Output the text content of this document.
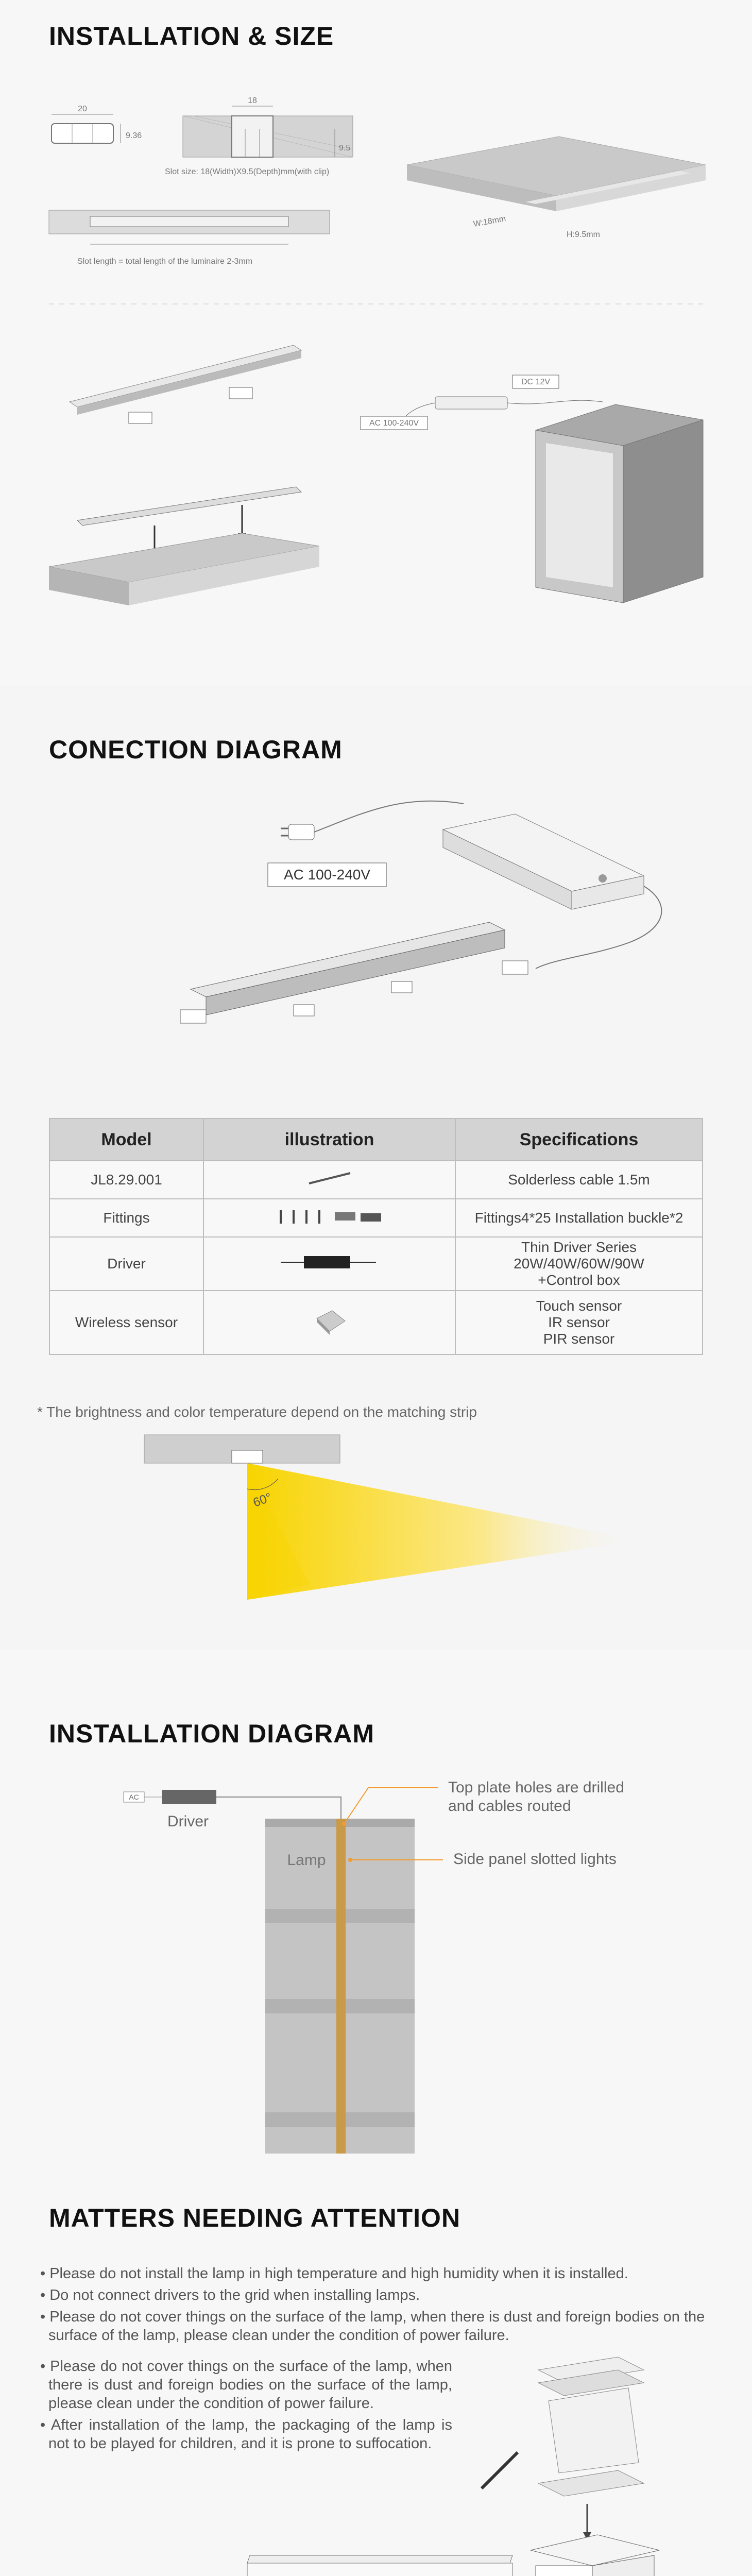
INSTALLATION & SIZE
20
9.36
18
9.5
Slot size: 18(Width)X9.5(Depth)mm(with clip)
Slot length = total length of the luminaire 2-3mm
W:18mm
H:9.5mm
DC 12V
AC 100-240V
CONECTION DIAGRAM
AC 100-240V
Model	illustration	Specifications
JL8.29.001		Solderless cable 1.5m

Fittings		Fittings4*25 Installation buckle*2

Driver		Thin Driver Series
20W/40W/60W/90W
+Control box

Wireless sensor		Touch sensor
IR sensor
PIR sensor
* The brightness and color temperature depend on the matching strip
60°
INSTALLATION DIAGRAM
AC
Driver
Lamp
Top plate holes are drilled
and cables routed
Side panel slotted lights
MATTERS NEEDING ATTENTION

• Please do not install the lamp in high temperature and high humidity when it is installed.

• Do not connect drivers to the grid when installing lamps.

• Please do not cover things on the surface of the lamp, when there is dust and foreign bodies on the surface of the lamp, please clean under the condition of power failure.

• Please do not cover things on the surface of the lamp, when there is dust and foreign bodies on the surface of the lamp, please clean under the condition of power failure.

• After installation of the lamp, the packaging of the lamp is not to be played for children, and it is prone to suffocation.
